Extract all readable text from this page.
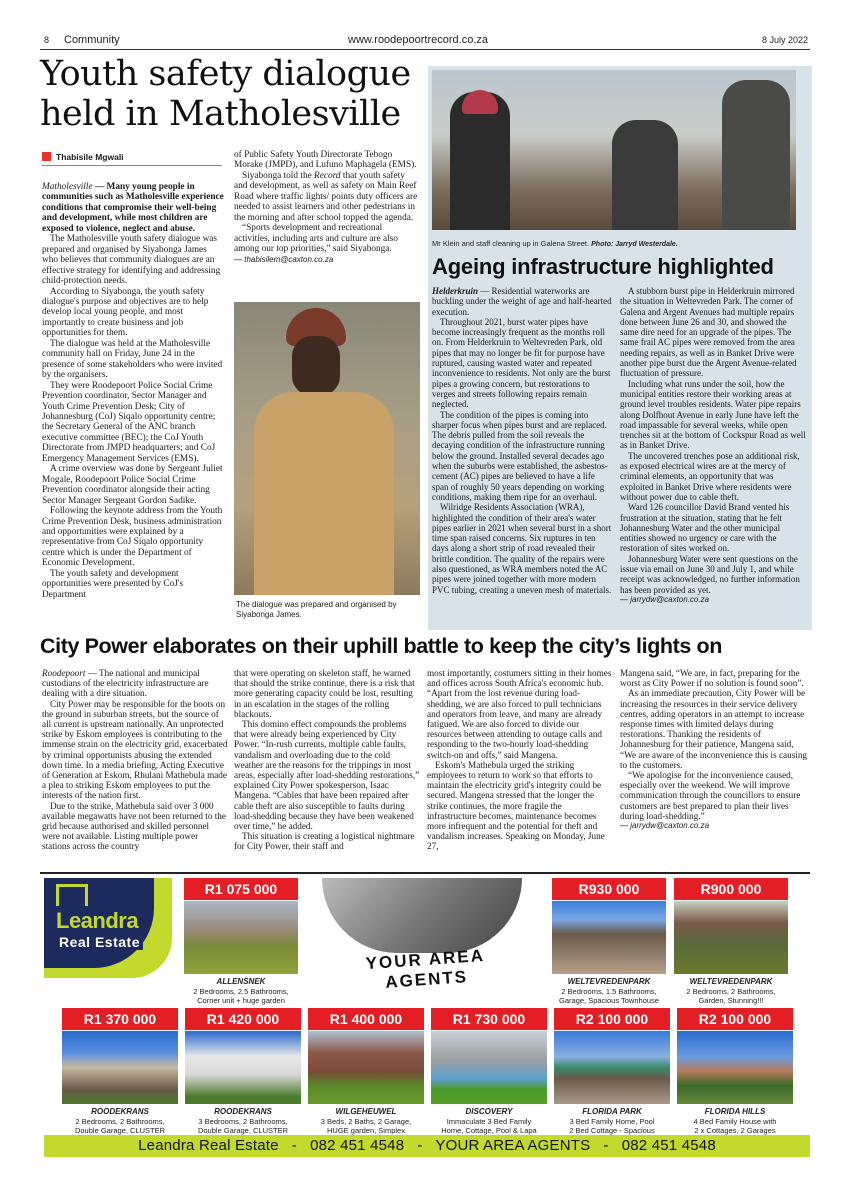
8 Community	www.roodepoortrecord.co.za	8 July 2022
Youth safety dialogue held in Matholesville
Thabisile Mgwali

Matholesville — Many young people in communities such as Matholesville experience conditions that compromise their well-being and development, while most children are exposed to violence, neglect and abuse.

The Matholesville youth safety dialogue was prepared and organised by Siyabonga James who believes that community dialogues are an effective strategy for identifying and addressing child-protection needs.

According to Siyabonga, the youth safety dialogue's purpose and objectives are to help develop local young people, and most importantly to create business and job opportunities for them.

The dialogue was held at the Matholesville community hall on Friday, June 24 in the presence of some stakeholders who were invited by the organisers.

They were Roodepoort Police Social Crime Prevention coordinator, Sector Manager and Youth Crime Prevention Desk; City of Johannesburg (CoJ) Siqalo opportunity centre; the Secretary General of the ANC branch executive committee (BEC); the CoJ Youth Directorate from JMPD headquarters; and CoJ Emergency Management Services (EMS).

A crime overview was done by Sergeant Juliet Mogale, Roodepoort Police Social Crime Prevention coordinator alongside their acting Sector Manager Sergeant Gordon Sadike.

Following the keynote address from the Youth Crime Prevention Desk, business administration and opportunities were explained by a representative from CoJ Siqalo opportunity centre which is under the Department of Economic Development.

The youth safety and development opportunities were presented by CoJ's Department

of Public Safety Youth Directorate Tebogo Morake (JMPD), and Lufuno Maphagela (EMS).

Siyabonga told the Record that youth safety and development, as well as safety on Main Reef Road where traffic lights/ points duty officers are needed to assist learners and other pedestrians in the morning and after school topped the agenda.

“Sports development and recreational activities, including arts and culture are also among our top priorities,” said Siyabonga.

— thabisilem@caxton.co.za

The dialogue was prepared and organised by Siyabonga James.
Mr Klein and staff cleaning up in Galena Street. Photo: Jarryd Westerdale.
Ageing infrastructure highlighted

Helderkruin — Residential waterworks are buckling under the weight of age and half-hearted execution.

Throughout 2021, burst water pipes have become increasingly frequent as the months roll on. From Helderkruin to Weltevreden Park, old pipes that may no longer be fit for purpose have ruptured, causing wasted water and repeated inconvenience to residents. Not only are the burst pipes a growing concern, but restorations to verges and streets following repairs remain neglected.

The condition of the pipes is coming into sharper focus when pipes burst and are replaced. The debris pulled from the soil reveals the decaying condition of the infrastructure running below the ground. Installed several decades ago when the suburbs were established, the asbestos-cement (AC) pipes are believed to have a life span of roughly 50 years depending on working conditions, making them ripe for an overhaul.

Wilridge Residents Association (WRA), highlighted the condition of their area's water pipes earlier in 2021 when several burst in a short time span raised concerns. Six ruptures in ten days along a short strip of road revealed their brittle condition. The quality of the repairs were also questioned, as WRA members noted the AC pipes were joined together with more modern PVC tubing, creating a uneven mesh of materials.

A stubborn burst pipe in Helderkruin mirrored the situation in Weltevreden Park. The corner of Galena and Argent Avenues had multiple repairs done between June 26 and 30, and showed the same dire need for an upgrade of the pipes. The same frail AC pipes were removed from the area needing repairs, as well as in Banket Drive were another pipe burst due the Argent Avenue-related fluctuation of pressure.

Including what runs under the soil, how the municipal entities restore their working areas at ground level troubles residents. Water pipe repairs along Dolfhout Avenue in early June have left the road impassable for several weeks, while open trenches sit at the bottom of Cockspur Road as well as in Banket Drive.

The uncovered trenches pose an additional risk, as exposed electrical wires are at the mercy of criminal elements, an opportunity that was exploited in Banket Drive where residents were without power due to cable theft.

Ward 126 councillor David Brand vented his frustration at the situation, stating that he felt Johannesburg Water and the other municipal entities showed no urgency or care with the restoration of sites worked on.

Johannesburg Water were sent questions on the issue via email on June 30 and July 1, and while receipt was acknowledged, no further information has been provided as yet.

— jarrydw@caxton.co.za

City Power elaborates on their uphill battle to keep the city’s lights on

Roodepoort — The national and municipal custodians of the electricity infrastructure are dealing with a dire situation.

City Power may be responsible for the boots on the ground in suburban streets, but the source of all current is upstream nationally. An unprotected strike by Eskom employees is contributing to the immense strain on the electricity grid, exacerbated by criminal opportunists abusing the extended down time. In a media briefing, Acting Executive of Generation at Eskom, Rhulani Mathebula made a plea to striking Eskom employees to put the interests of the nation first.

Due to the strike, Mathebula said over 3 000 available megawatts have not been returned to the grid because authorised and skilled personnel were not available. Listing multiple power stations across the country

that were operating on skeleton staff, he warned that should the strike continue, there is a risk that more generating capacity could be lost, resulting in an escalation in the stages of the rolling blackouts.

This domino effect compounds the problems that were already being experienced by City Power. “In-rush currents, multiple cable faults, vandalism and overloading due to the cold weather are the reasons for the trippings in most areas, especially after load-shedding restorations,” explained City Power spokesperson, Isaac Mangena. “Cables that have been repaired after cable theft are also susceptible to faults during load-shedding because they have been weakened over time,” he added.

This situation is creating a logistical nightmare for City Power, their staff and

most importantly, costumers sitting in their homes and offices across South Africa's economic hub. “Apart from the lost revenue during load-shedding, we are also forced to pull technicians and operators from leave, and many are already fatigued. We are also forced to divide our resources between attending to outage calls and responding to the two-hourly load-shedding switch-on and offs,” said Mangena.

Eskom's Mathebula urged the striking employees to return to work so that efforts to maintain the electricity grid's integrity could be secured. Mangena stressed that the longer the strike continues, the more fragile the infrastructure becomes, maintenance becomes more infrequent and the potential for theft and vandalism increases. Speaking on Monday, June 27,

Mangena said, “We are, in fact, preparing for the worst as City Power if no solution is found soon”.

As an immediate precaution, City Power will be increasing the resources in their service delivery centres, adding operators in an attempt to increase response times with limited delays during restorations. Thanking the residents of Johannesburg for their patience, Mangena said, “We are aware of the inconvenience this is causing to the customers.

“We apologise for the inconvenience caused, especially over the weekend. We will improve communication through the councillors to ensure customers are best prepared to plan their lives during load-shedding.”

— jarrydw@caxton.co.za

Leandra
Real Estate
R1 075 000
ALLENSNEK
2 Bedrooms, 2.5 Bathrooms,
Corner unit + huge garden
YOUR AREA AGENTS
R930 000
WELTEVREDENPARK
2 Bedrooms, 1.5 Bathrooms,
Garage, Spacious Townhouse
R900 000
WELTEVREDENPARK
2 Bedrooms, 2 Bathrooms,
Garden, Stunning!!!
R1 370 000
ROODEKRANS
2 Bedrooms, 2 Bathrooms,
Double Garage, CLUSTER
R1 420 000
ROODEKRANS
3 Bedrooms, 2 Bathrooms,
Double Garage, CLUSTER
R1 400 000
WILGEHEUWEL
3 Beds, 2 Baths, 2 Garage,
HUGE garden, Simplex
R1 730 000
DISCOVERY
Immaculate 3 Bed Family
Home, Cottage, Pool & Lapa
R2 100 000
FLORIDA PARK
3 Bed Family Home, Pool
2 Bed Cottage - Spacious
R2 100 000
FLORIDA HILLS
4 Bed Family House with
2 x Cottages, 2 Garages
Leandra Real Estate   -   082 451 4548   -   YOUR AREA AGENTS   -   082 451 4548
